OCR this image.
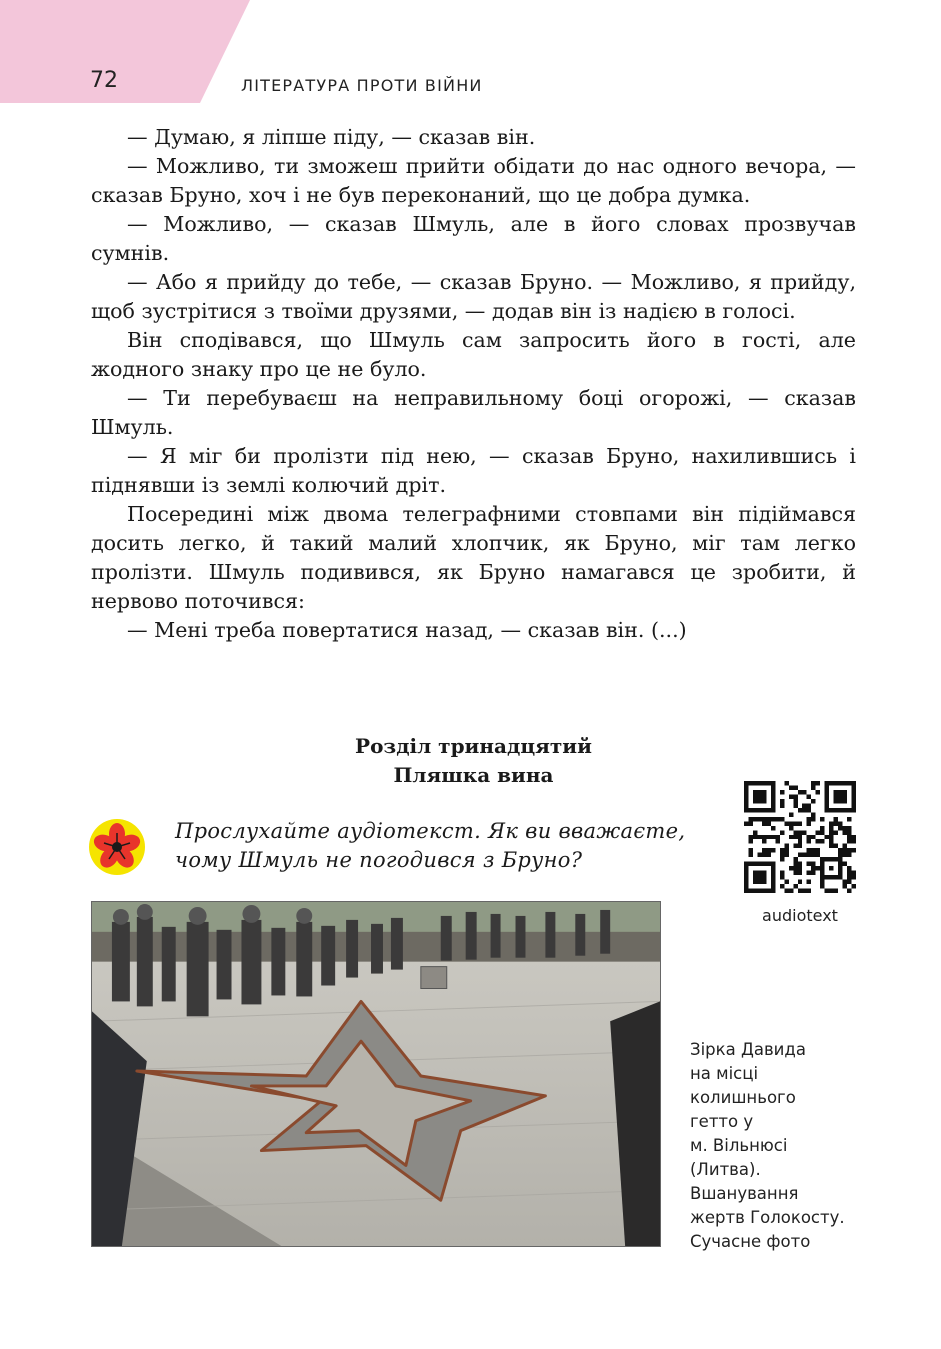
72	ЛІТЕРАТУРА ПРОТИ ВІЙНИ

— Думаю, я ліпше піду, — сказав він.

— Можливо, ти зможеш прийти обідати до нас одного вечора, — сказав Бруно, хоч і не був переконаний, що це добра думка.

— Можливо, — сказав Шмуль, але в його словах прозвучав сумнів.

— Або я прийду до тебе, — сказав Бруно. — Можливо, я прийду, щоб зустрітися з твоїми друзями, — додав він із надією в голосі.

Він сподівався, що Шмуль сам запросить його в гості, але жодного знаку про це не було.

— Ти перебуваєш на неправильному боці огорожі, — сказав Шмуль.

— Я міг би пролізти під нею, — сказав Бруно, нахилившись і піднявши із землі колючий дріт.

Посередині між двома телеграфними стовпами він підіймався досить легко, й такий малий хлопчик, як Бруно, міг там легко пролізти. Шмуль подивився, як Бруно намагався це зробити, й нервово поточився:

— Мені треба повертатися назад, — сказав він. (...)

Розділ тринадцятий
Пляшка вина
Прослухайте аудіотекст. Як ви вважаєте, чому Шмуль не погодився з Бруно?
audiotext
Зірка Давида
на місці
колишнього
гетто у
м. Вільнюсі
(Литва).
Вшанування
жертв Голокосту.
Сучасне фото
